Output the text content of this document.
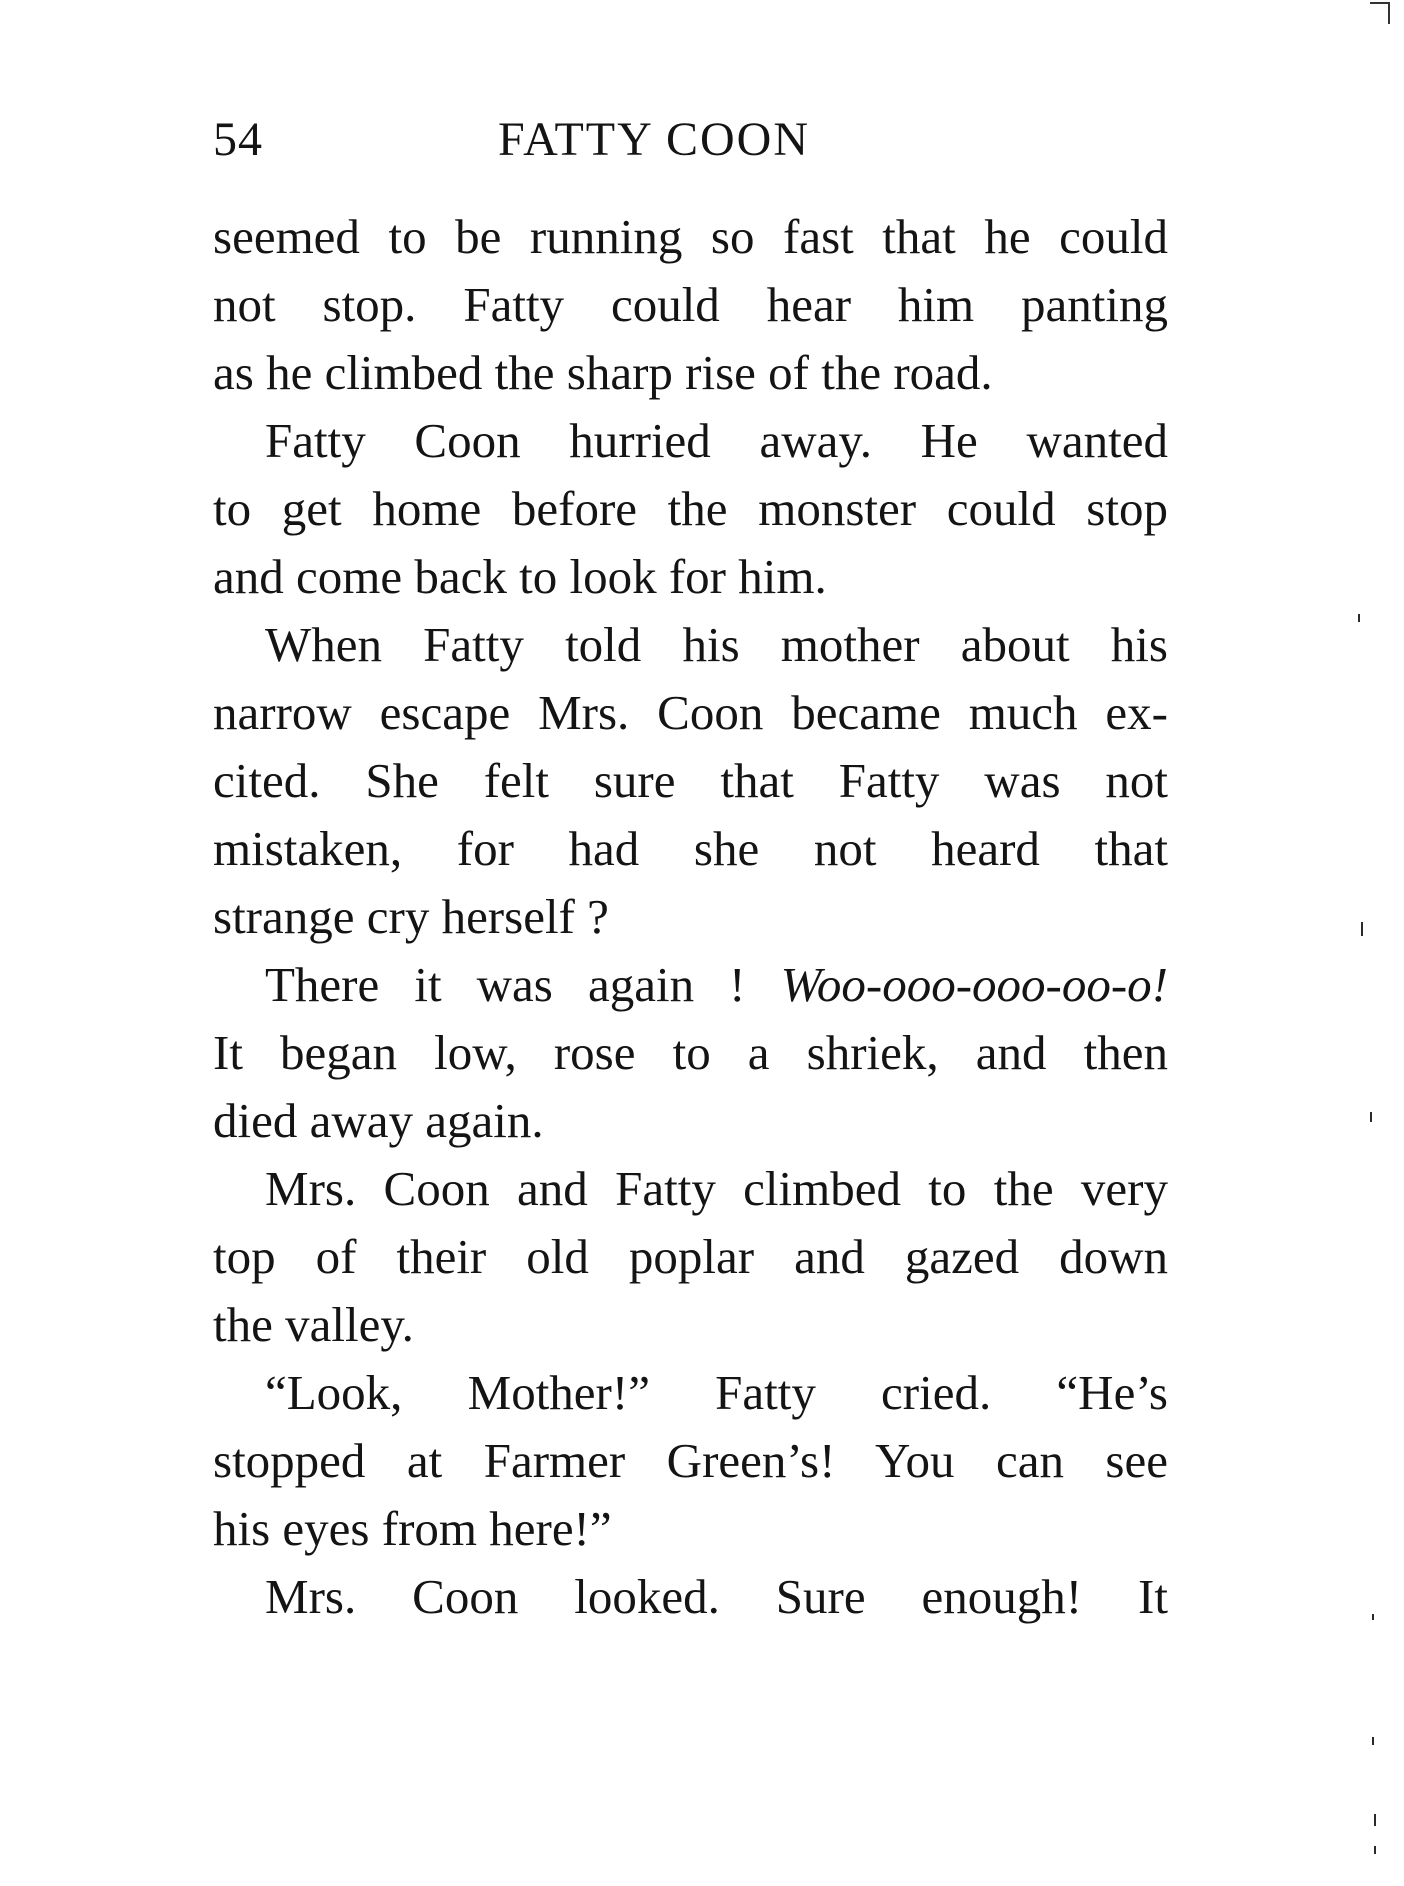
54	FATTY COON
seemed to be running so fast that he could
not stop. Fatty could hear him panting
as he climbed the sharp rise of the road.
Fatty Coon hurried away. He wanted
to get home before the monster could stop
and come back to look for him.
When Fatty told his mother about his
narrow escape Mrs. Coon became much ex-
cited. She felt sure that Fatty was not
mistaken, for had she not heard that
strange cry herself ?
There it was again ! Woo-ooo-ooo-oo-o!
It began low, rose to a shriek, and then
died away again.
Mrs. Coon and Fatty climbed to the very
top of their old poplar and gazed down
the valley.
“Look, Mother!” Fatty cried. “He’s
stopped at Farmer Green’s! You can see
his eyes from here!”
Mrs. Coon looked. Sure enough! It
